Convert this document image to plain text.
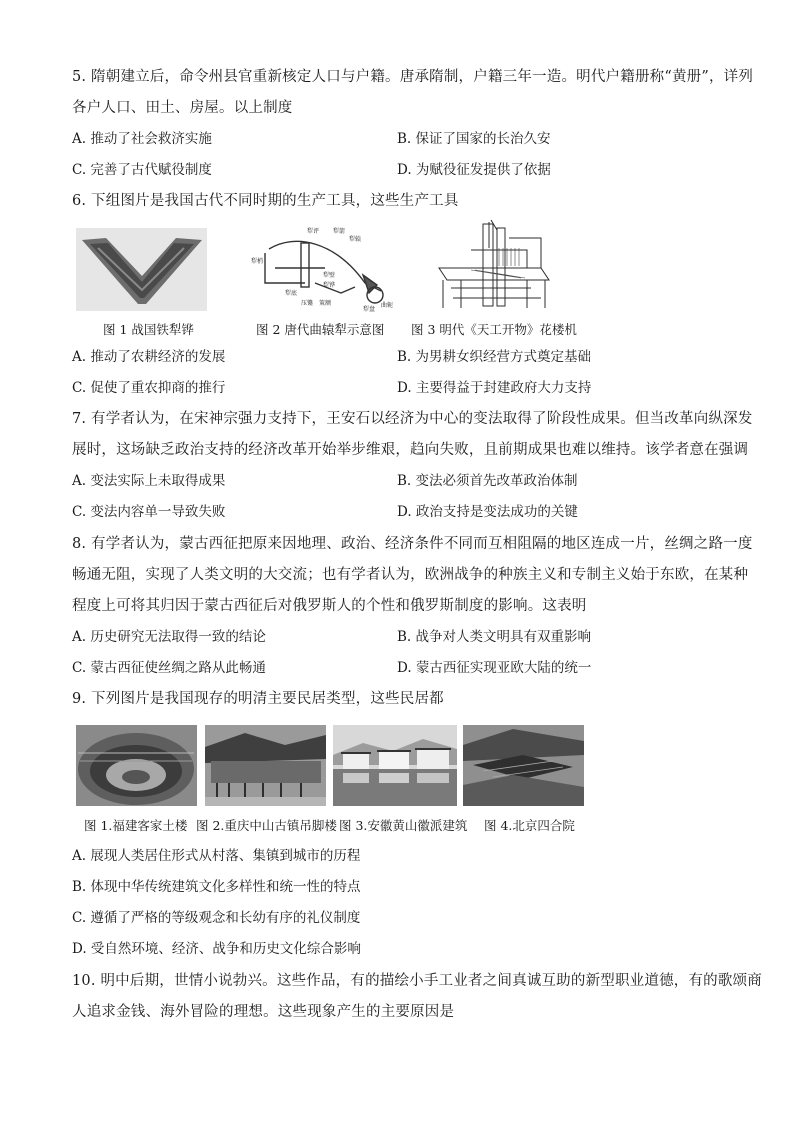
5. 隋朝建立后，命令州县官重新核定人口与户籍。唐承隋制，户籍三年一造。明代户籍册称“黄册”，详列
各户人口、田土、房屋。以上制度
A. 推动了社会救济实施	B. 保证了国家的长治久安
C. 完善了古代赋役制度	D. 为赋役征发提供了依据
6. 下组图片是我国古代不同时期的生产工具，这些生产工具
犁评 犁箭
犁辕
犁梢
犁底
压镵 策额
犁壁
犁铧
犁盘
曲轭
图 1 战国铁犁铧	图 2 唐代曲辕犁示意图 图 3 明代《天工开物》花楼机
A. 推动了农耕经济的发展	B. 为男耕女织经营方式奠定基础
C. 促使了重农抑商的推行	D. 主要得益于封建政府大力支持
7. 有学者认为，在宋神宗强力支持下，王安石以经济为中心的变法取得了阶段性成果。但当改革向纵深发
展时，这场缺乏政治支持的经济改革开始举步维艰，趋向失败，且前期成果也难以维持。该学者意在强调
A. 变法实际上未取得成果	B. 变法必须首先改革政治体制
C. 变法内容单一导致失败	D. 政治支持是变法成功的关键
8. 有学者认为，蒙古西征把原来因地理、政治、经济条件不同而互相阻隔的地区连成一片，丝绸之路一度
畅通无阻，实现了人类文明的大交流；也有学者认为，欧洲战争的种族主义和专制主义始于东欧，在某种
程度上可将其归因于蒙古西征后对俄罗斯人的个性和俄罗斯制度的影响。这表明
A. 历史研究无法取得一致的结论	B. 战争对人类文明具有双重影响
C. 蒙古西征使丝绸之路从此畅通	D. 蒙古西征实现亚欧大陆的统一
9. 下列图片是我国现存的明清主要民居类型，这些民居都
图 1.福建客家土楼 图 2.重庆中山古镇吊脚楼 图 3.安徽黄山徽派建筑 图 4.北京四合院
A. 展现人类居住形式从村落、集镇到城市的历程
B. 体现中华传统建筑文化多样性和统一性的特点
C. 遵循了严格的等级观念和长幼有序的礼仪制度
D. 受自然环境、经济、战争和历史文化综合影响
10. 明中后期，世情小说勃兴。这些作品，有的描绘小手工业者之间真诚互助的新型职业道德，有的歌颂商
人追求金钱、海外冒险的理想。这些现象产生的主要原因是
